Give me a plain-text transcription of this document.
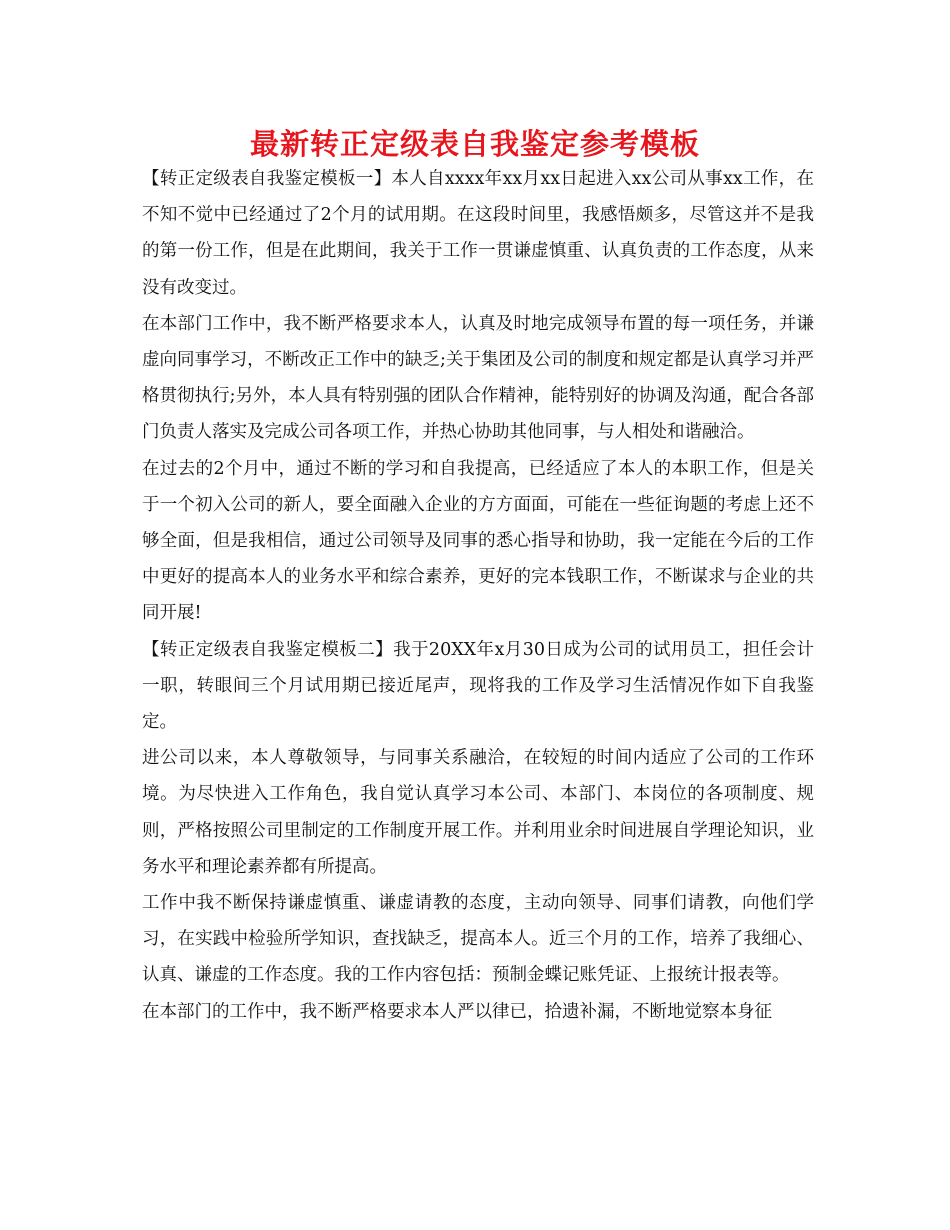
最新转正定级表自我鉴定参考模板

【转正定级表自我鉴定模板一】本人自xxxx年xx月xx日起进入xx公司从事xx工作，在不知不觉中已经通过了2个月的试用期。在这段时间里，我感悟颇多，尽管这并不是我的第一份工作，但是在此期间，我关于工作一贯谦虚慎重、认真负责的工作态度，从来没有改变过。

在本部门工作中，我不断严格要求本人，认真及时地完成领导布置的每一项任务，并谦虚向同事学习，不断改正工作中的缺乏;关于集团及公司的制度和规定都是认真学习并严格贯彻执行;另外，本人具有特别强的团队合作精神，能特别好的协调及沟通，配合各部门负责人落实及完成公司各项工作，并热心协助其他同事，与人相处和谐融洽。

在过去的2个月中，通过不断的学习和自我提高，已经适应了本人的本职工作，但是关于一个初入公司的新人，要全面融入企业的方方面面，可能在一些征询题的考虑上还不够全面，但是我相信，通过公司领导及同事的悉心指导和协助，我一定能在今后的工作中更好的提高本人的业务水平和综合素养，更好的完本钱职工作，不断谋求与企业的共同开展!

【转正定级表自我鉴定模板二】我于20XX年x月30日成为公司的试用员工，担任会计一职，转眼间三个月试用期已接近尾声，现将我的工作及学习生活情况作如下自我鉴定。

进公司以来，本人尊敬领导，与同事关系融洽，在较短的时间内适应了公司的工作环境。为尽快进入工作角色，我自觉认真学习本公司、本部门、本岗位的各项制度、规则，严格按照公司里制定的工作制度开展工作。并利用业余时间进展自学理论知识，业务水平和理论素养都有所提高。

工作中我不断保持谦虚慎重、谦虚请教的态度，主动向领导、同事们请教，向他们学习，在实践中检验所学知识，查找缺乏，提高本人。近三个月的工作，培养了我细心、认真、谦虚的工作态度。我的工作内容包括：预制金蝶记账凭证、上报统计报表等。

在本部门的工作中，我不断严格要求本人严以律已，拾遗补漏，不断地觉察本身征
